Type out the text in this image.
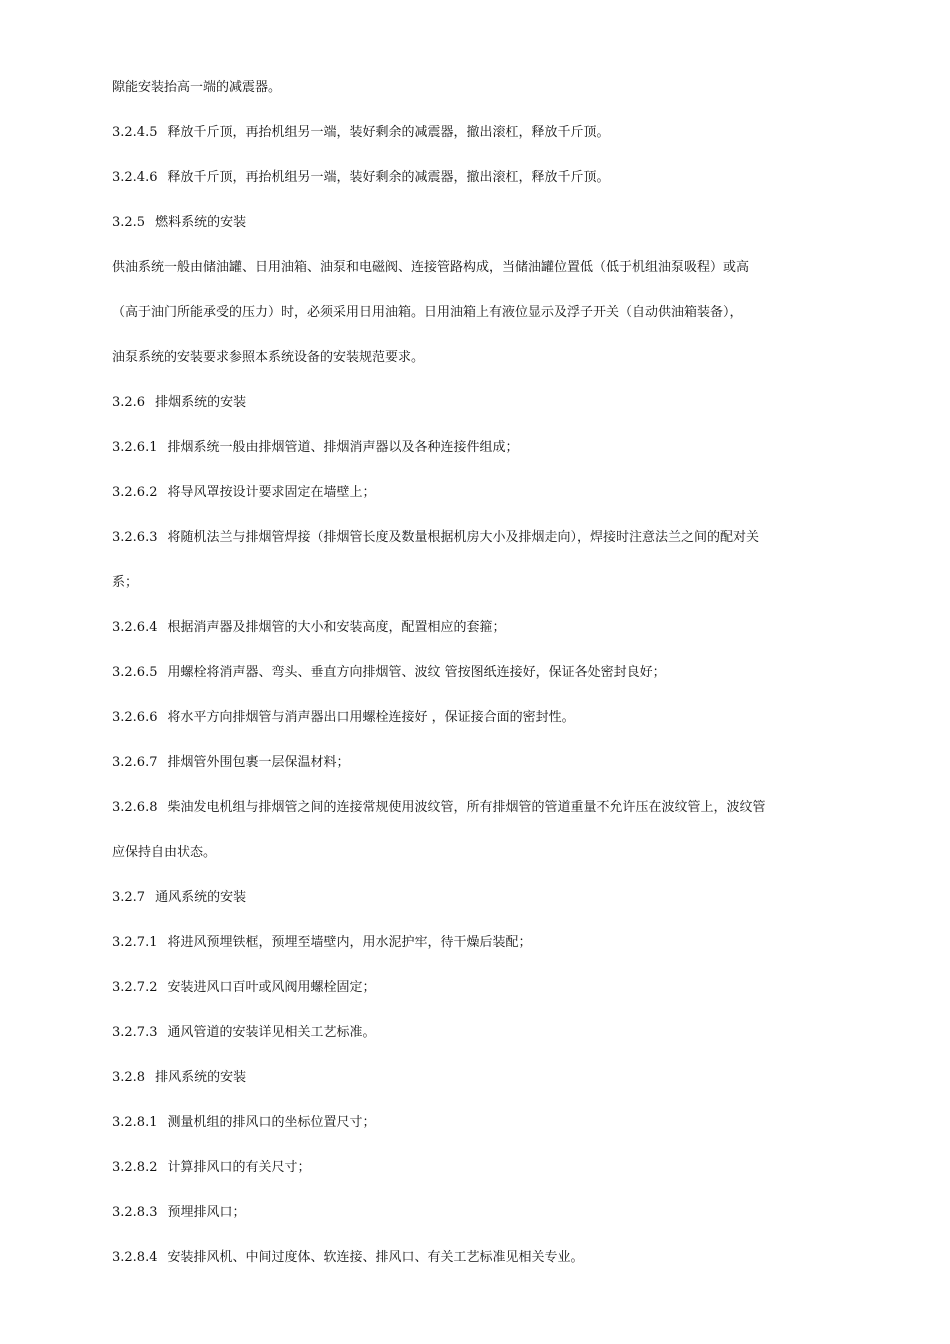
隙能安装抬高一端的减震器。
3.2.4.5 释放千斤顶，再抬机组另一端，装好剩余的减震器，撤出滚杠，释放千斤顶。
3.2.4.6 释放千斤顶，再抬机组另一端，装好剩余的减震器，撤出滚杠，释放千斤顶。
3.2.5 燃料系统的安装
供油系统一般由储油罐、日用油箱、油泵和电磁阀、连接管路构成，当储油罐位置低（低于机组油泵吸程）或高
（高于油门所能承受的压力）时，必须采用日用油箱。日用油箱上有液位显示及浮子开关（自动供油箱装备），
油泵系统的安装要求参照本系统设备的安装规范要求。
3.2.6 排烟系统的安装
3.2.6.1 排烟系统一般由排烟管道、排烟消声器以及各种连接件组成；
3.2.6.2 将导风罩按设计要求固定在墙壁上；
3.2.6.3 将随机法兰与排烟管焊接（排烟管长度及数量根据机房大小及排烟走向），焊接时注意法兰之间的配对关
系；
3.2.6.4 根据消声器及排烟管的大小和安装高度，配置相应的套箍；
3.2.6.5 用螺栓将消声器、弯头、垂直方向排烟管、波纹 管按图纸连接好，保证各处密封良好；
3.2.6.6 将水平方向排烟管与消声器出口用螺栓连接好 ，保证接合面的密封性。
3.2.6.7 排烟管外围包裹一层保温材料；
3.2.6.8 柴油发电机组与排烟管之间的连接常规使用波纹管，所有排烟管的管道重量不允许压在波纹管上，波纹管
应保持自由状态。
3.2.7 通风系统的安装
3.2.7.1 将进风预埋铁框，预埋至墙壁内，用水泥护牢，待干燥后装配；
3.2.7.2 安装进风口百叶或风阀用螺栓固定；
3.2.7.3 通风管道的安装详见相关工艺标准。
3.2.8 排风系统的安装
3.2.8.1 测量机组的排风口的坐标位置尺寸；
3.2.8.2 计算排风口的有关尺寸；
3.2.8.3 预埋排风口；
3.2.8.4 安装排风机、中间过度体、软连接、排风口、有关工艺标准见相关专业。
